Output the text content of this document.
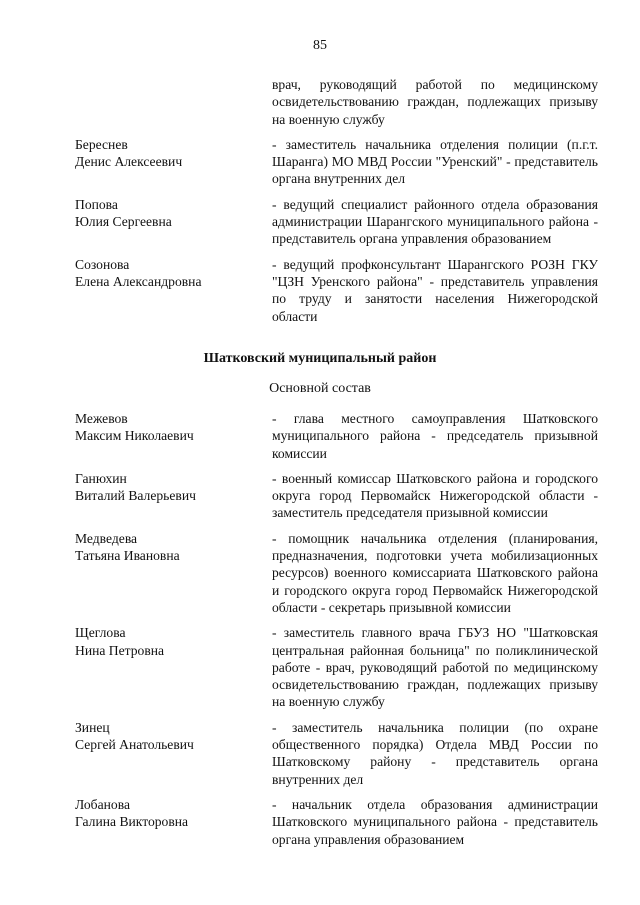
85
врач, руководящий работой по медицинскому освидетельствованию граждан, подлежащих призыву на военную службу
Береснев
Денис Алексеевич
- заместитель начальника отделения полиции (п.г.т. Шаранга) МО МВД России "Уренский" - представитель органа внутренних дел
Попова
Юлия Сергеевна
- ведущий специалист районного отдела образования администрации Шарангского муниципального района - представитель органа управления образованием
Созонова
Елена Александровна
- ведущий профконсультант Шарангского РОЗН ГКУ "ЦЗН Уренского района" - представитель управления по труду и занятости населения Нижегородской области
Шатковский муниципальный район
Основной состав
Межевов
Максим Николаевич
- глава местного самоуправления Шатковского муниципального района - председатель призывной комиссии
Ганюхин
Виталий Валерьевич
- военный комиссар Шатковского района и городского округа город Первомайск Нижегородской области - заместитель председателя призывной комиссии
Медведева
Татьяна Ивановна
- помощник начальника отделения (планирования, предназначения, подготовки учета мобилизационных ресурсов) военного комиссариата Шатковского района и городского округа город Первомайск Нижегородской области - секретарь призывной комиссии
Щеглова
Нина Петровна
- заместитель главного врача ГБУЗ НО "Шатковская центральная районная больница" по поликлинической работе - врач, руководящий работой по медицинскому освидетельствованию граждан, подлежащих призыву на военную службу
Зинец
Сергей Анатольевич
- заместитель начальника полиции (по охране общественного порядка) Отдела МВД России по Шатковскому району - представитель органа внутренних дел
Лобанова
Галина Викторовна
- начальник отдела образования администрации Шатковского муниципального района - представитель органа управления образованием
